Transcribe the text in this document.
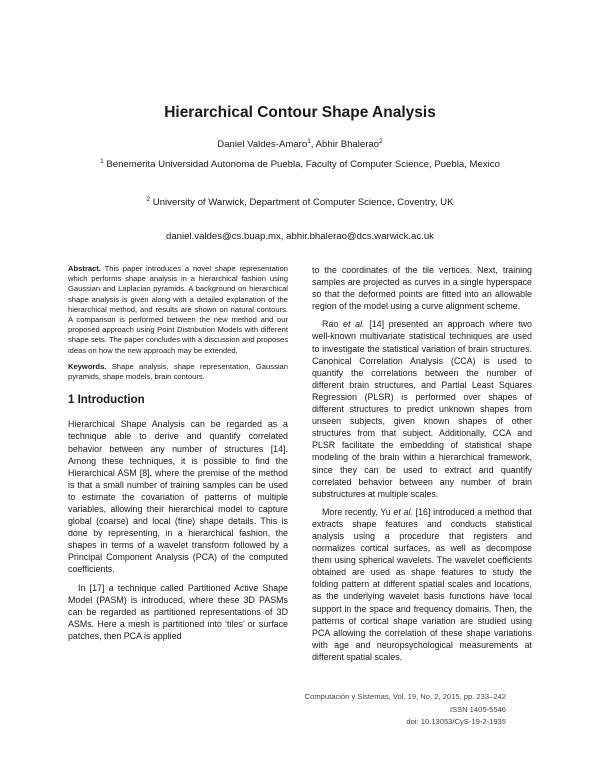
Hierarchical Contour Shape Analysis
Daniel Valdes-Amaro$^1$, Abhir Bhalerao$^2$
$^1$ Benemerita Universidad Autonoma de Puebla, Faculty of Computer Science, Puebla, Mexico
$^2$ University of Warwick, Department of Computer Science, Coventry, UK
daniel.valdes@cs.buap.mx, abhir.bhalerao@dcs.warwick.ac.uk

Abstract. This paper introduces a novel shape representation which performs shape analysis in a hierarchical fashion using Gaussian and Laplacian pyramids. A background on hierarchical shape analysis is given along with a detailed explanation of the hierarchical method, and results are shown on natural contours. A comparison is performed between the new method and our proposed approach using Point Distribution Models with different shape sets. The paper concludes with a discussion and proposes ideas on how the new approach may be extended.

Keywords. Shape analysis, shape representation, Gaussian pyramids, shape models, brain contours.

1 Introduction

Hierarchical Shape Analysis can be regarded as a technique able to derive and quantify correlated behavior between any number of structures [14]. Among these techniques, it is possible to find the Hierarchical ASM [8], where the premise of the method is that a small number of training samples can be used to estimate the covariation of patterns of multiple variables, allowing their hierarchical model to capture global (coarse) and local (fine) shape details. This is done by representing, in a hierarchical fashion, the shapes in terms of a wavelet transform followed by a Principal Component Analysis (PCA) of the computed coefficients.

In [17] a technique called Partitioned Active Shape Model (PASM) is introduced, where these 3D PASMs can be regarded as partitioned representations of 3D ASMs. Here a mesh is partitioned into ‘tiles’ or surface patches, then PCA is applied

to the coordinates of the tile vertices. Next, training samples are projected as curves in a single hyperspace so that the deformed points are fitted into an allowable region of the model using a curve alignment scheme.

Rao et al. [14] presented an approach where two well-known multivariate statistical techniques are used to investigate the statistical variation of brain structures. Canonical Correlation Analysis (CCA) is used to quantify the correlations between the number of different brain structures, and Partial Least Squares Regression (PLSR) is performed over shapes of different structures to predict unknown shapes from unseen subjects, given known shapes of other structures from that subject. Additionally, CCA and PLSR facilitate the embedding of statistical shape modeling of the brain within a hierarchical framework, since they can be used to extract and quantify correlated behavior between any number of brain substructures at multiple scales.

More recently, Yu et al. [16] introduced a method that extracts shape features and conducts statistical analysis using a procedure that registers and normalizes cortical surfaces, as well as decompose them using spherical wavelets. The wavelet coefficients obtained are used as shape features to study the folding pattern at different spatial scales and locations, as the underlying wavelet basis functions have local support in the space and frequency domains. Then, the patterns of cortical shape variation are studied using PCA allowing the correlation of these shape variations with age and neuropsychological measurements at different spatial scales.

Computación y Sistemas, Vol. 19, No. 2, 2015, pp. 233–242
ISSN 1405-5546
doi: 10.13053/CyS-19-2-1935
